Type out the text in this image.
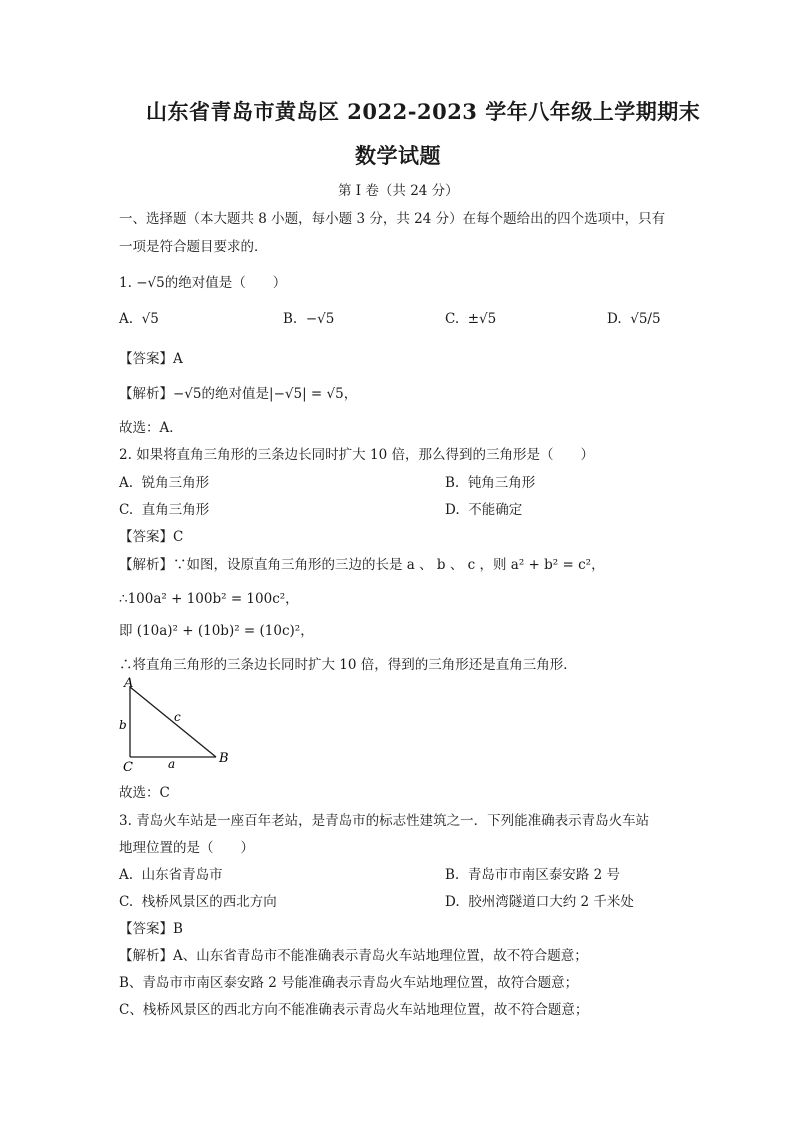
山东省青岛市黄岛区 2022-2023 学年八年级上学期期末
数学试题
第 I 卷（共 24 分）
一、选择题（本大题共 8 小题，每小题 3 分，共 24 分）在每个题给出的四个选项中，只有
一项是符合题目要求的．
1. −√5的绝对值是（　　）
A. √5	B. −√5	C. ±√5	D. √5/5
【答案】A
【解析】−√5的绝对值是|−√5| = √5，
故选：A．
2. 如果将直角三角形的三条边长同时扩大 10 倍，那么得到的三角形是（　　）
A. 锐角三角形	B. 钝角三角形
C. 直角三角形	D. 不能确定
【答案】C
【解析】∵如图，设原直角三角形的三边的长是 a 、 b 、 c ，则 a² + b² = c²，
∴100a² + 100b² = 100c²，
即 (10a)² + (10b)² = (10c)²，
∴将直角三角形的三条边长同时扩大 10 倍，得到的三角形还是直角三角形．
A
B
C	a
b
c
故选：C
3. 青岛火车站是一座百年老站，是青岛市的标志性建筑之一．下列能准确表示青岛火车站
地理位置的是（　　）
A. 山东省青岛市	B. 青岛市市南区泰安路 2 号
C. 栈桥风景区的西北方向	D. 胶州湾隧道口大约 2 千米处
【答案】B
【解析】A、山东省青岛市不能准确表示青岛火车站地理位置，故不符合题意；
B、青岛市市南区泰安路 2 号能准确表示青岛火车站地理位置，故符合题意；
C、栈桥风景区的西北方向不能准确表示青岛火车站地理位置，故不符合题意；
